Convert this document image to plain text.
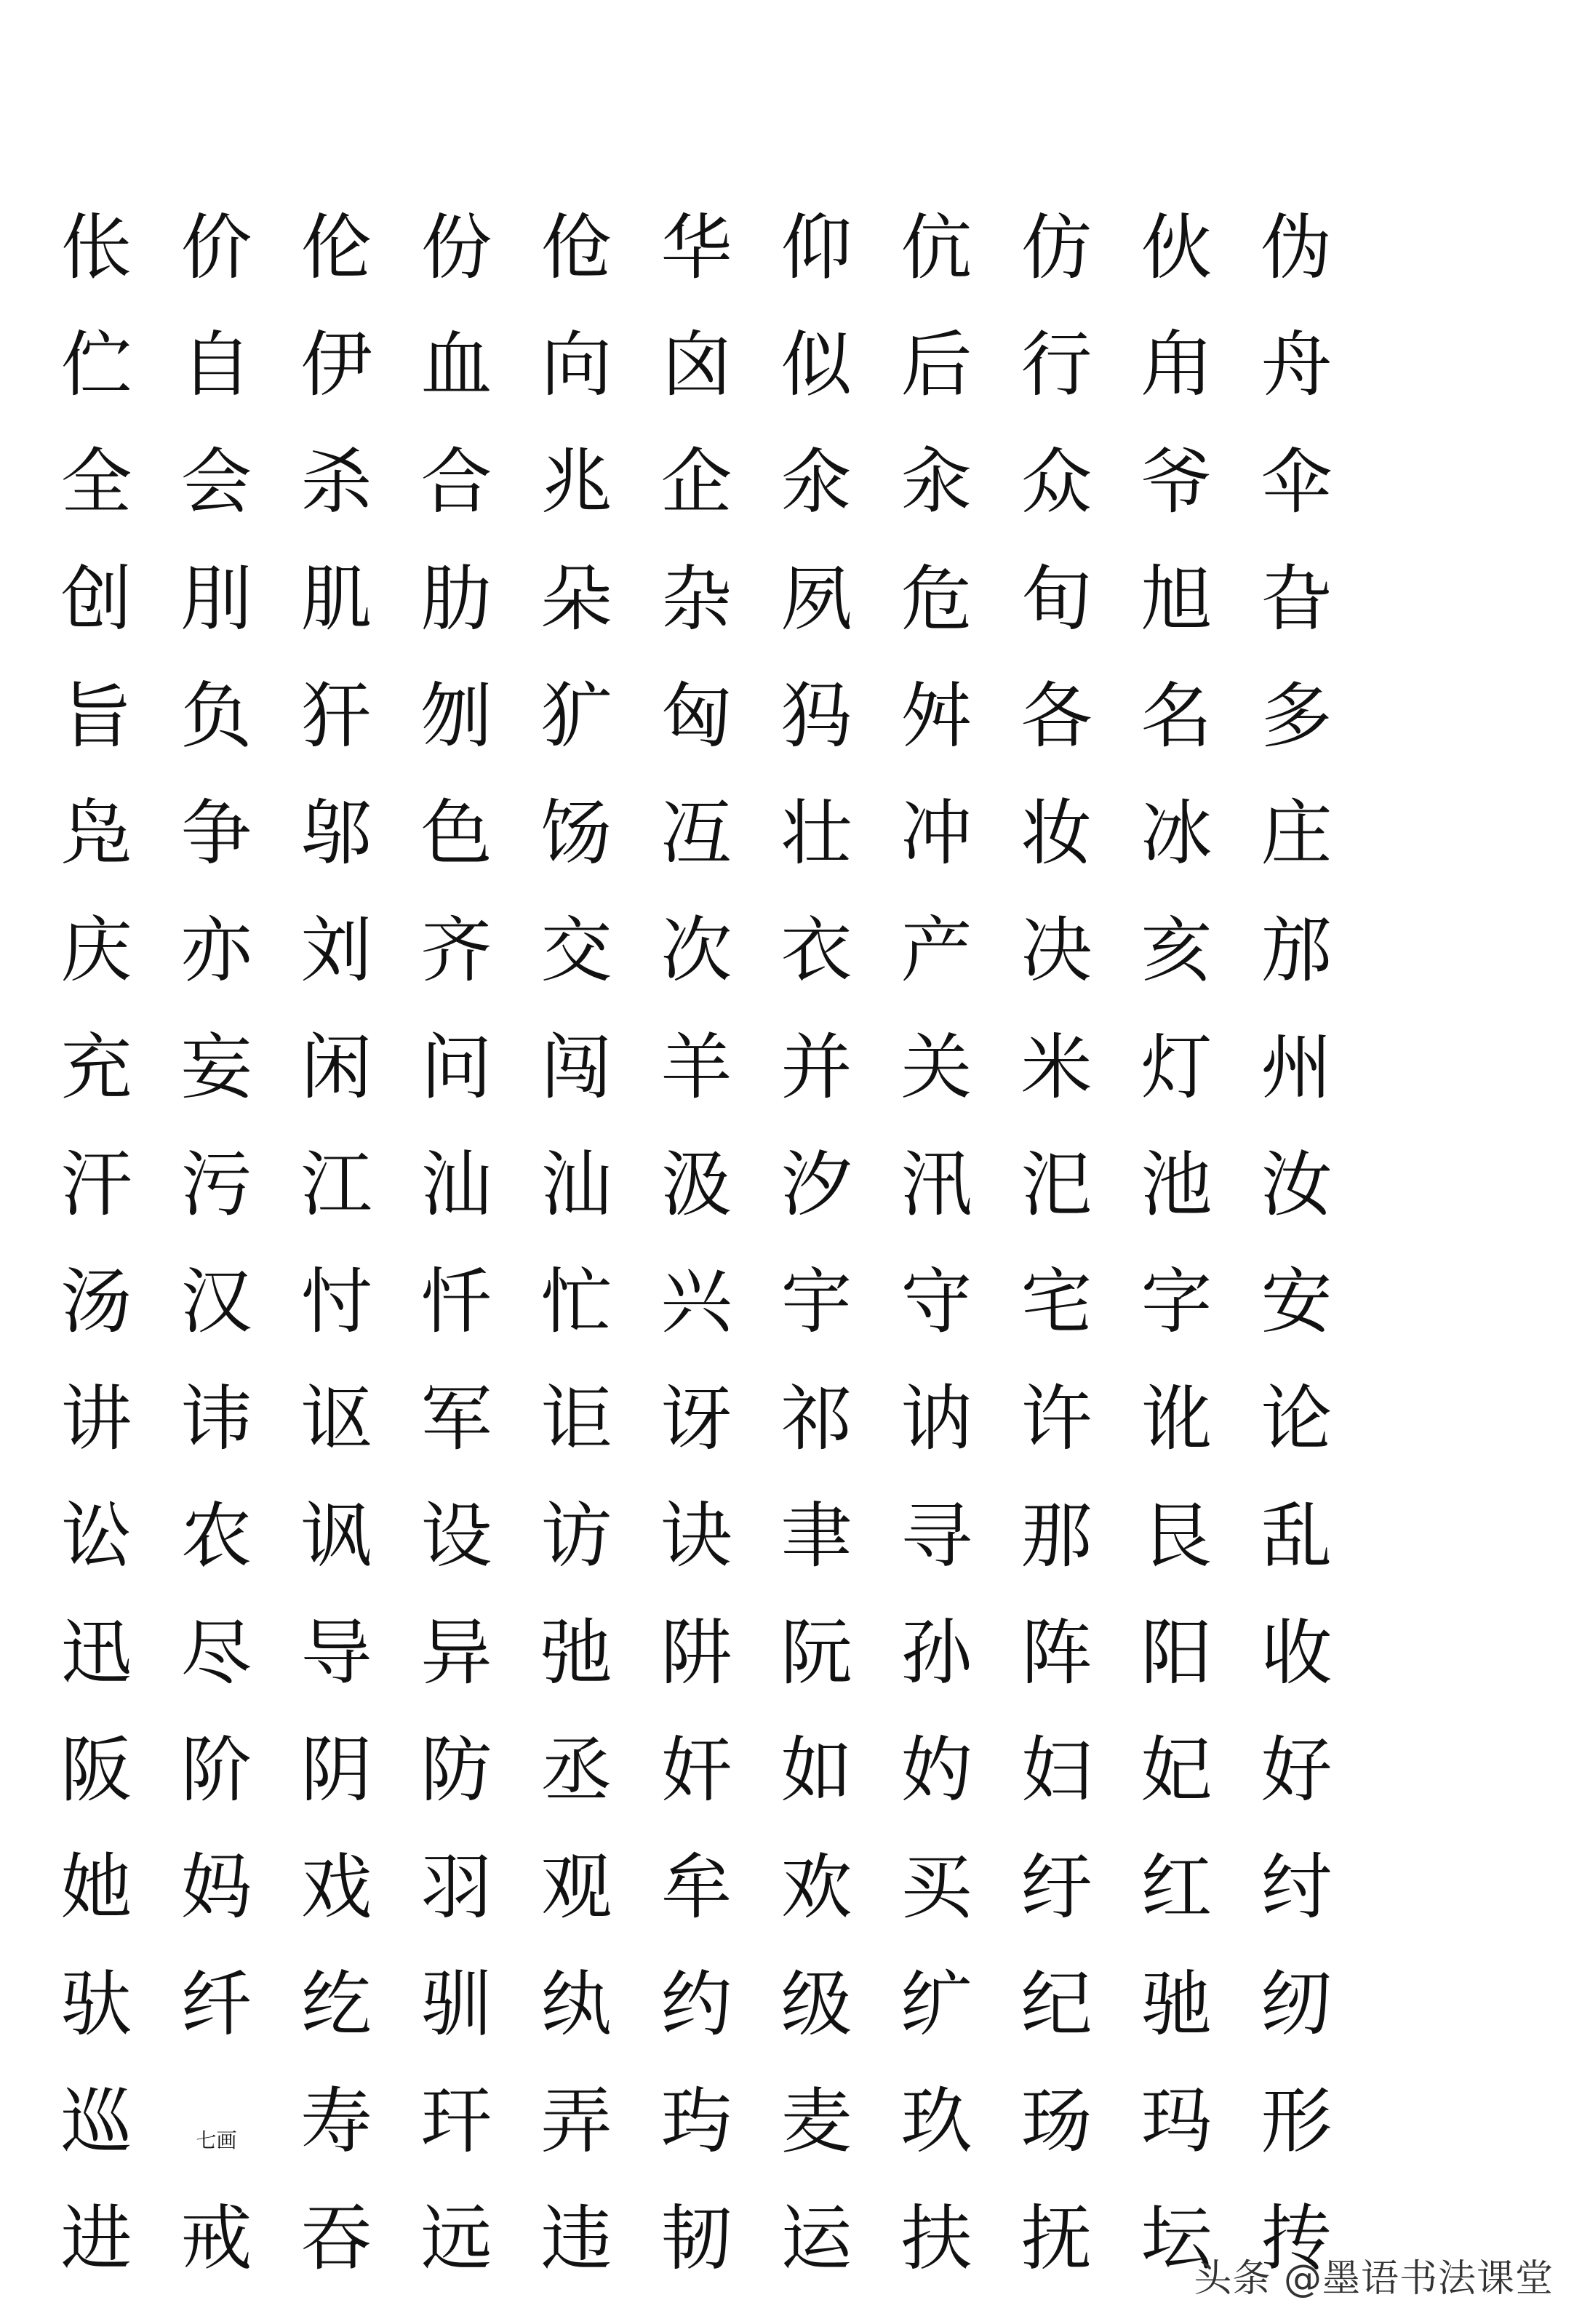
伥 价 伦 份 伧 华 仰 伉 仿 伙 伪
伫 自 伊 血 向 囟 似 后 行 甪 舟
全 会 杀 合 兆 企 氽 汆 众 爷 伞
创 刖 肌 肋 朵 杂 夙 危 旬 旭 旮
旨 负 犴 刎 犷 匈 犸 舛 各 名 多
凫 争 邬 色 饧 冱 壮 冲 妆 冰 庄
庆 亦 刘 齐 交 次 衣 产 决 亥 邡
充 妄 闲 问 闯 羊 并 关 米 灯 州
汗 污 江 汕 汕 汲 汐 汛 汜 池 汝
汤 汉 忖 忏 忙 兴 宇 守 宅 字 安
讲 讳 讴 军 讵 讶 祁 讷 许 讹 论
讼 农 讽 设 访 诀 聿 寻 那 艮 乱
迅 尽 导 异 弛 阱 阮 孙 阵 阳 收
阪 阶 阴 防 丞 奸 如 妁 妇 妃 好
她 妈 戏 羽 观 牟 欢 买 纡 红 纣
驮 纤 纥 驯 纨 约 级 纩 纪 驰 纫
巡	七画 寿 玕 弄 玙 麦 玖 玚 玛 形
进 戒 吞 远 违 韧 运 扶 抚 坛 抟
头条 @墨语书法课堂
